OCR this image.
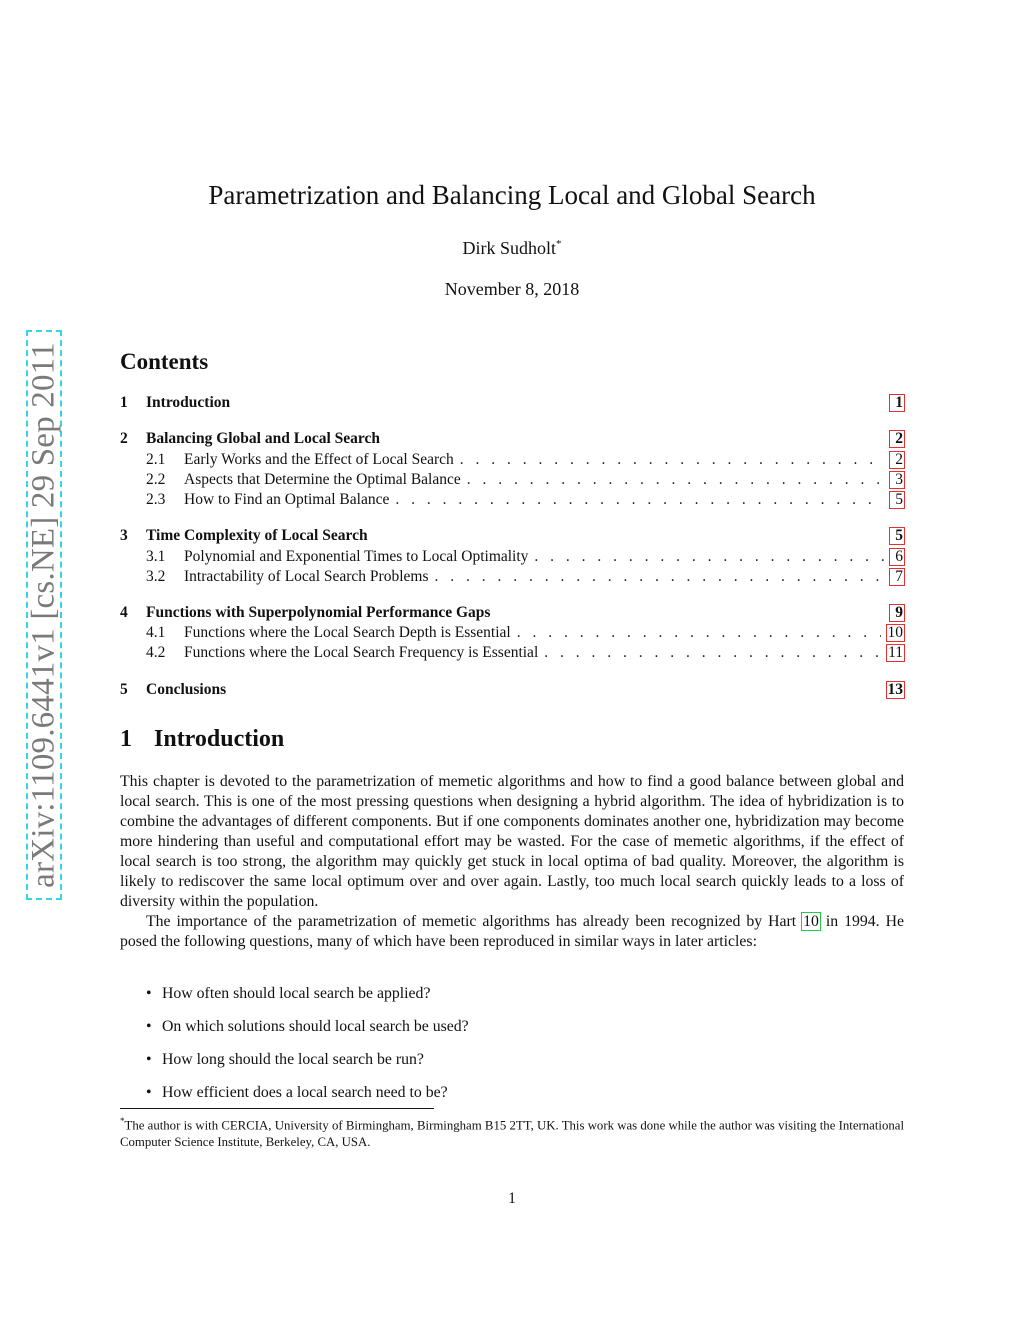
arXiv:1109.6441v1 [cs.NE] 29 Sep 2011
Parametrization and Balancing Local and Global Search
Dirk Sudholt*
November 8, 2018
Contents
1	Introduction	1
2	Balancing Global and Local Search	2
2.1	Early Works and the Effect of Local Search . . .	2
2.2	Aspects that Determine the Optimal Balance . . .	3
2.3	How to Find an Optimal Balance . . .	5
3	Time Complexity of Local Search	5
3.1	Polynomial and Exponential Times to Local Optimality . . .	6
3.2	Intractability of Local Search Problems . . .	7
4	Functions with Superpolynomial Performance Gaps	9
4.1	Functions where the Local Search Depth is Essential . . .	10
4.2	Functions where the Local Search Frequency is Essential . . .	11
5	Conclusions	13
1 Introduction
This chapter is devoted to the parametrization of memetic algorithms and how to find a good balance between global and local search. This is one of the most pressing questions when designing a hybrid algorithm. The idea of hybridization is to combine the advantages of different components. But if one components dominates another one, hybridization may become more hindering than useful and computational effort may be wasted. For the case of memetic algorithms, if the effect of local search is too strong, the algorithm may quickly get stuck in local optima of bad quality. Moreover, the algorithm is likely to rediscover the same local optimum over and over again. Lastly, too much local search quickly leads to a loss of diversity within the population.
The importance of the parametrization of memetic algorithms has already been recognized by Hart 10 in 1994. He posed the following questions, many of which have been reproduced in similar ways in later articles:
• How often should local search be applied?
• On which solutions should local search be used?
• How long should the local search be run?
• How efficient does a local search need to be?
*The author is with CERCIA, University of Birmingham, Birmingham B15 2TT, UK. This work was done while the author was visiting the International Computer Science Institute, Berkeley, CA, USA.
1
